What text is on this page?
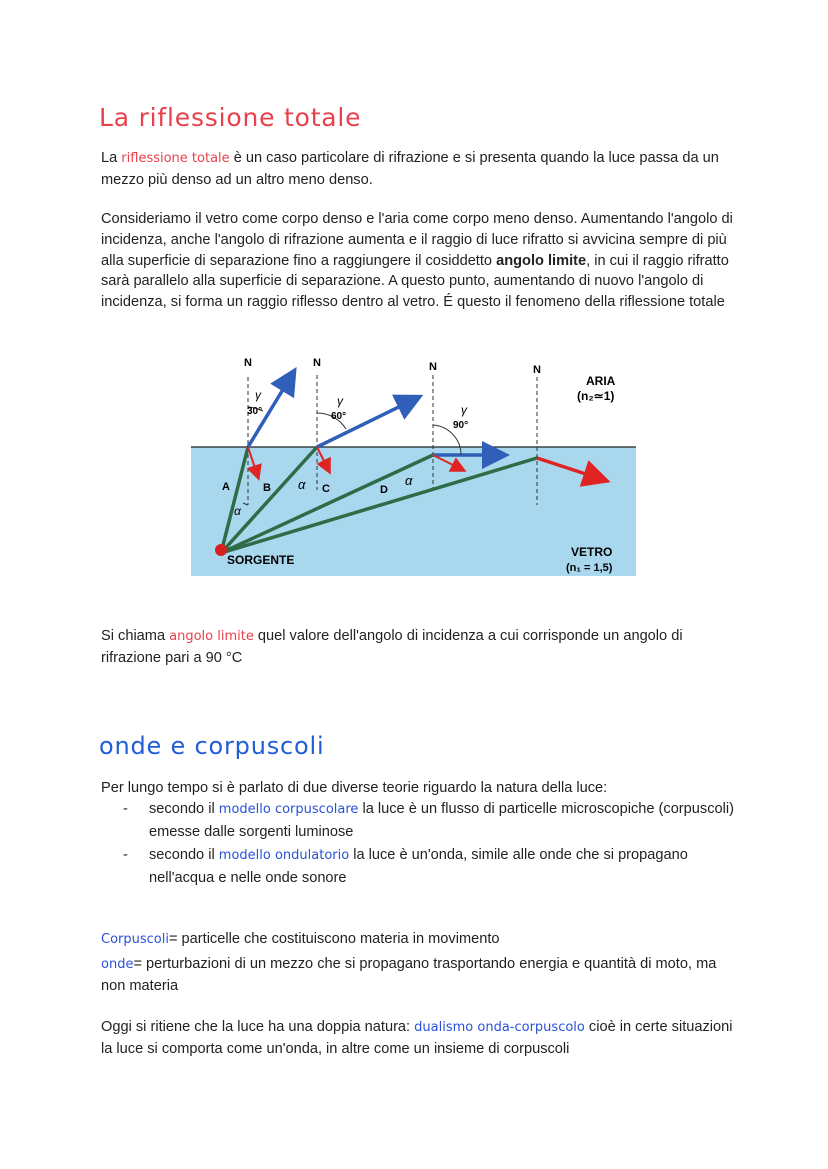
La riflessione totale

La riflessione totale è un caso particolare di rifrazione e si presenta quando la luce passa da un mezzo più denso ad un altro meno denso.

Consideriamo il vetro come corpo denso e l'aria come corpo meno denso. Aumentando l'angolo di incidenza, anche l'angolo di rifrazione aumenta e il raggio di luce rifratto si avvicina sempre di più alla superficie di separazione fino a raggiungere il cosiddetto angolo limite, in cui il raggio rifratto sarà parallelo alla superficie di separazione. A questo punto, aumentando di nuovo l'angolo di incidenza, si forma un raggio riflesso dentro al vetro. É questo il fenomeno della riflessione totale

N	N	N	N
γ
30°
γ
60°	γ
90°
α
α	α
A	B	C	D
ARIA
(n₂≃1)
VETRO
(n₁ = 1,5)
SORGENTE

Si chiama angolo limite quel valore dell'angolo di incidenza a cui corrisponde un angolo di rifrazione pari a 90 °C

onde e corpuscoli

Per lungo tempo si è parlato di due diverse teorie riguardo la natura della luce:

- secondo il modello corpuscolare la luce è un flusso di particelle microscopiche (corpuscoli) emesse dalle sorgenti luminose
- secondo il modello ondulatorio la luce è un'onda, simile alle onde che si propagano nell'acqua e nelle onde sonore

Corpuscoli= particelle che costituiscono materia in movimento

onde= perturbazioni di un mezzo che si propagano trasportando energia e quantità di moto, ma non materia

Oggi si ritiene che la luce ha una doppia natura: dualismo onda-corpuscolo cioè in certe situazioni la luce si comporta come un'onda, in altre come un insieme di corpuscoli
